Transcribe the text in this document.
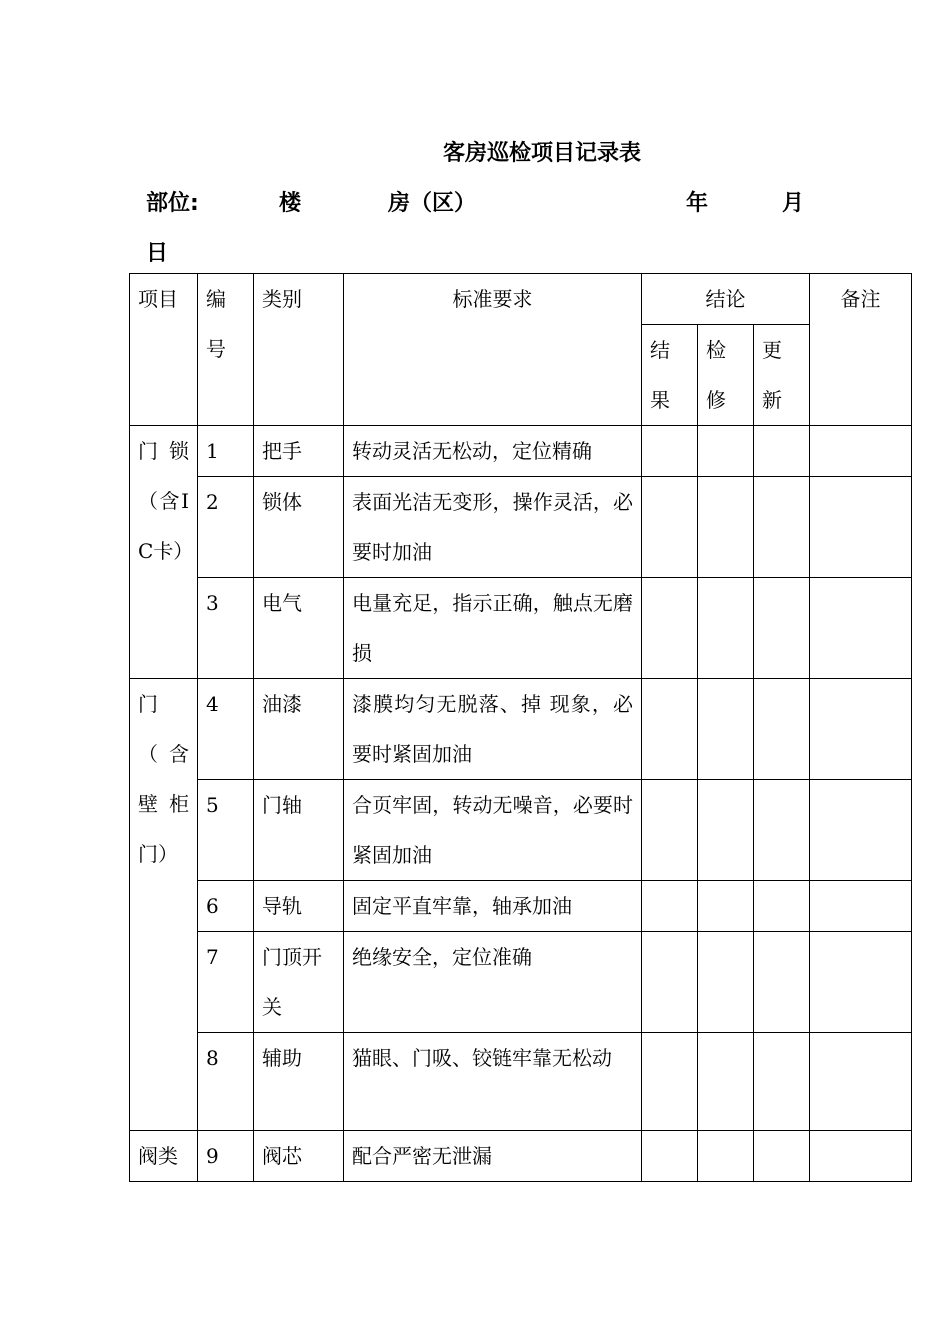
客房巡检项目记录表
部位:	楼	房（区）	年	月
日
项目	编号	类别	标准要求	结论			备注
				结果	检修	更新	
门锁（含IC卡）	1	把手	转动灵活无松动，定位精确				
	2	锁体	表面光洁无变形，操作灵活，必要时加油				
	3	电气	电量充足，指示正确，触点无磨损				
门（含壁柜门）	4	油漆	漆膜均匀无脱落、掉 现象，必要时紧固加油				
	5	门轴	合页牢固，转动无噪音，必要时紧固加油				
	6	导轨	固定平直牢靠，轴承加油				
	7	门顶开关	绝缘安全，定位准确				
	8	辅助	猫眼、门吸、铰链牢靠无松动				
阀类	9	阀芯	配合严密无泄漏				
